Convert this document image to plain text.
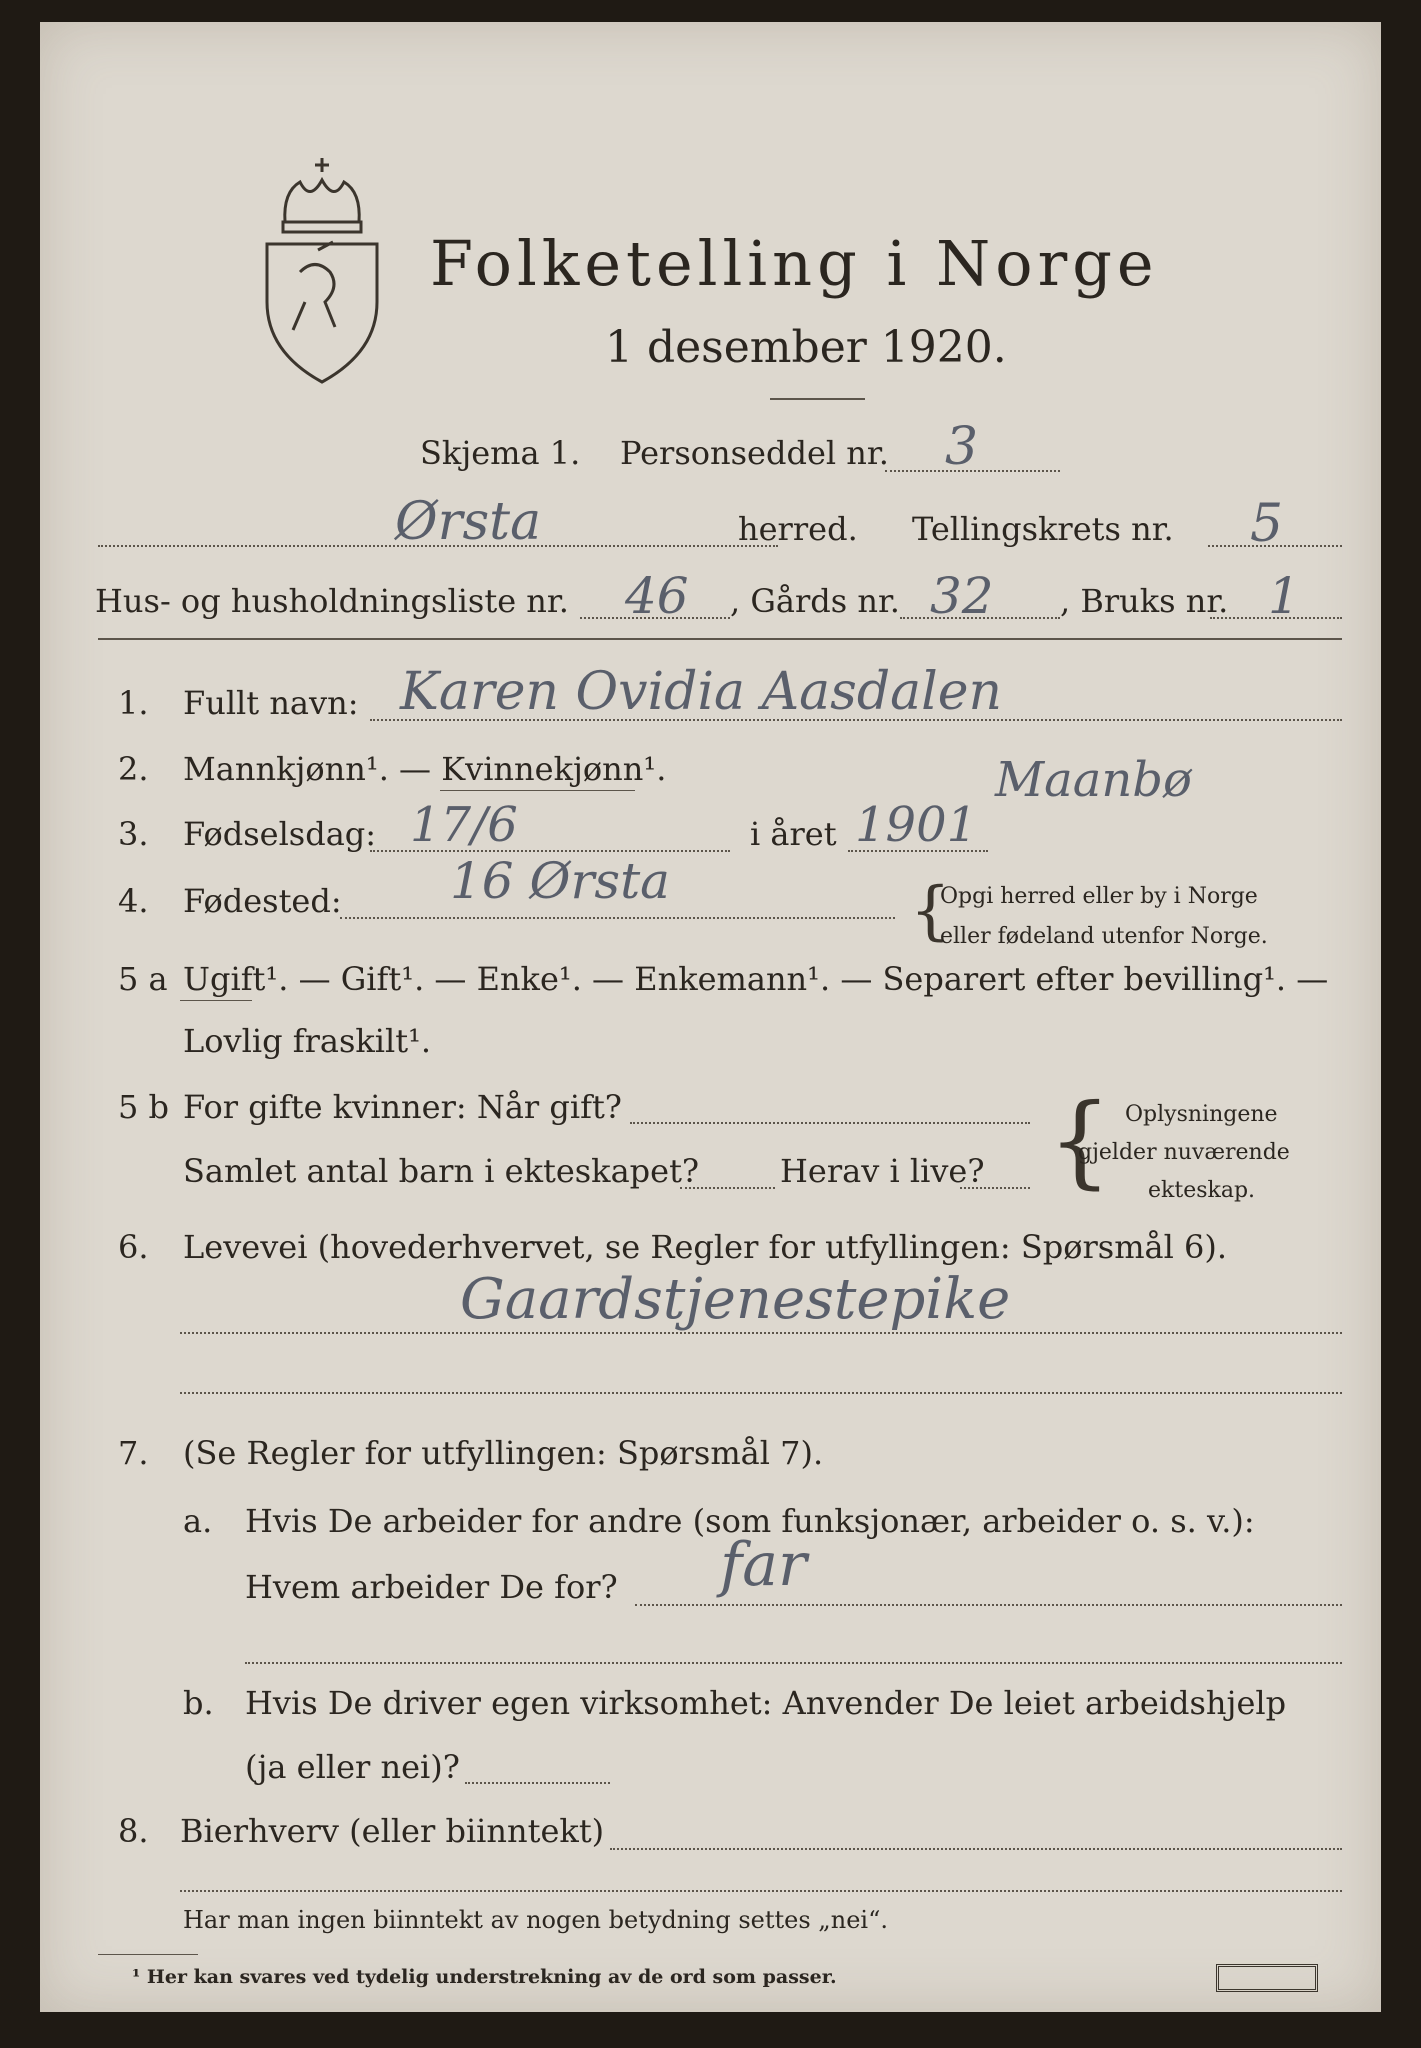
Folketelling i Norge
1 desember 1920.
Skjema 1. Personseddel nr. 3
Ørsta	herred. Tellingskrets nr. 5
Hus- og husholdningsliste nr. 46 , Gårds nr. 32 , Bruks nr. 1
1. Fullt navn: Karen Ovidia Aasdalen
2. Mannkjønn¹. — Kvinnekjønn¹.	Maanbø
3. Fødselsdag: 17/6	i året 1901
4. Fødested: 16 Ørsta	{
Opgi herred eller by i Norge
eller fødeland utenfor Norge.
5 a Ugift¹. — Gift¹. — Enke¹. — Enkemann¹. — Separert efter bevilling¹. —
Lovlig fraskilt¹.
5 b For gifte kvinner: Når gift?
Samlet antal barn i ekteskapet?	Herav i live? { Oplysningene
gjelder nuværende
ekteskap.
6. Levevei (hovederhvervet, se Regler for utfyllingen: Spørsmål 6).
Gaardstjenestepike
7. (Se Regler for utfyllingen: Spørsmål 7).
a. Hvis De arbeider for andre (som funksjonær, arbeider o. s. v.):
Hvem arbeider De for? far
b. Hvis De driver egen virksomhet: Anvender De leiet arbeidshjelp
(ja eller nei)?
8. Bierhverv (eller biinntekt)
Har man ingen biinntekt av nogen betydning settes „nei“.
¹ Her kan svares ved tydelig understrekning av de ord som passer.
